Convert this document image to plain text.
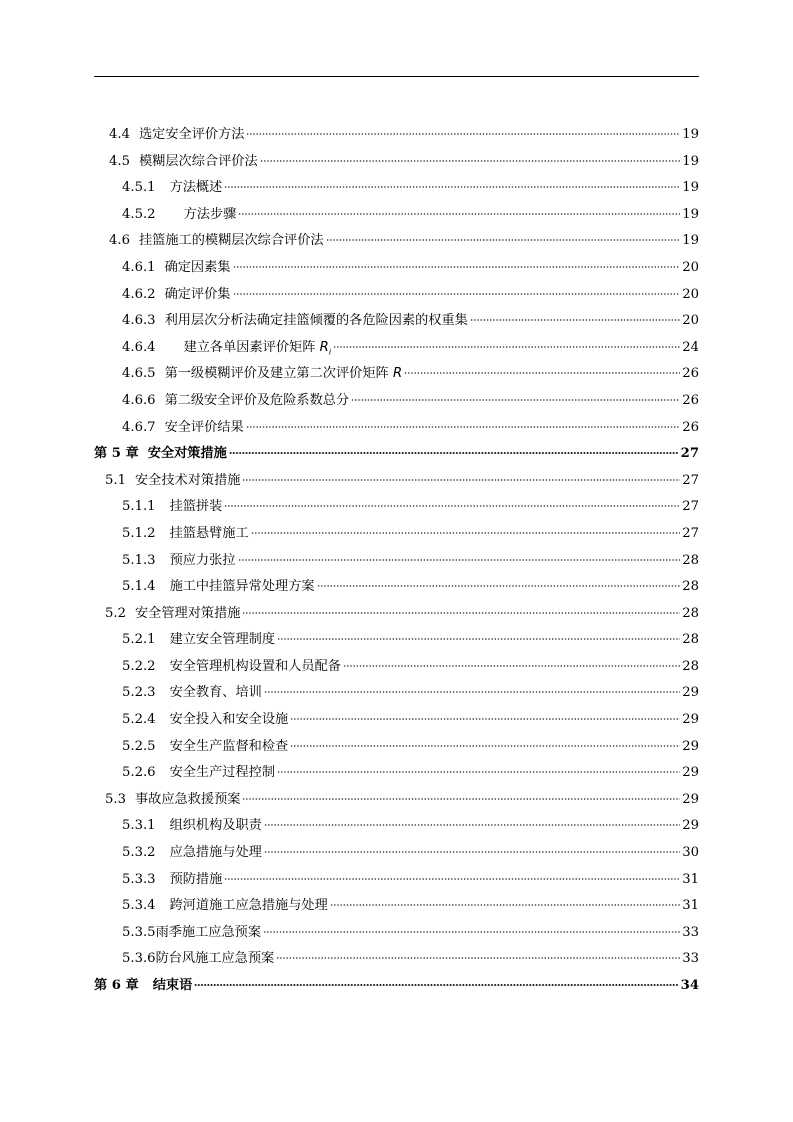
4.4 选定安全评价方法	19
4.5 模糊层次综合评价法	19
4.5.1 方法概述	19
4.5.2 方法步骤	19
4.6 挂篮施工的模糊层次综合评价法	19
4.6.1 确定因素集	20
4.6.2 确定评价集	20
4.6.3 利用层次分析法确定挂篮倾覆的各危险因素的权重集	20
4.6.4 建立各单因素评价矩阵 $R_i$	24
4.6.5 第一级模糊评价及建立第二次评价矩阵 R	26
4.6.6 第二级安全评价及危险系数总分	26
4.6.7 安全评价结果	26
第 5 章 安全对策措施	27
5.1 安全技术对策措施	27
5.1.1 挂篮拼装	27
5.1.2 挂篮悬臂施工	27
5.1.3 预应力张拉	28
5.1.4 施工中挂篮异常处理方案	28
5.2 安全管理对策措施	28
5.2.1 建立安全管理制度	28
5.2.2 安全管理机构设置和人员配备	28
5.2.3 安全教育、培训	29
5.2.4 安全投入和安全设施	29
5.2.5 安全生产监督和检查	29
5.2.6 安全生产过程控制	29
5.3 事故应急救援预案	29
5.3.1 组织机构及职责	29
5.3.2 应急措施与处理	30
5.3.3 预防措施	31
5.3.4 跨河道施工应急措施与处理	31
5.3.5 雨季施工应急预案	33
5.3.6 防台风施工应急预案	33
第 6 章 结束语	34
